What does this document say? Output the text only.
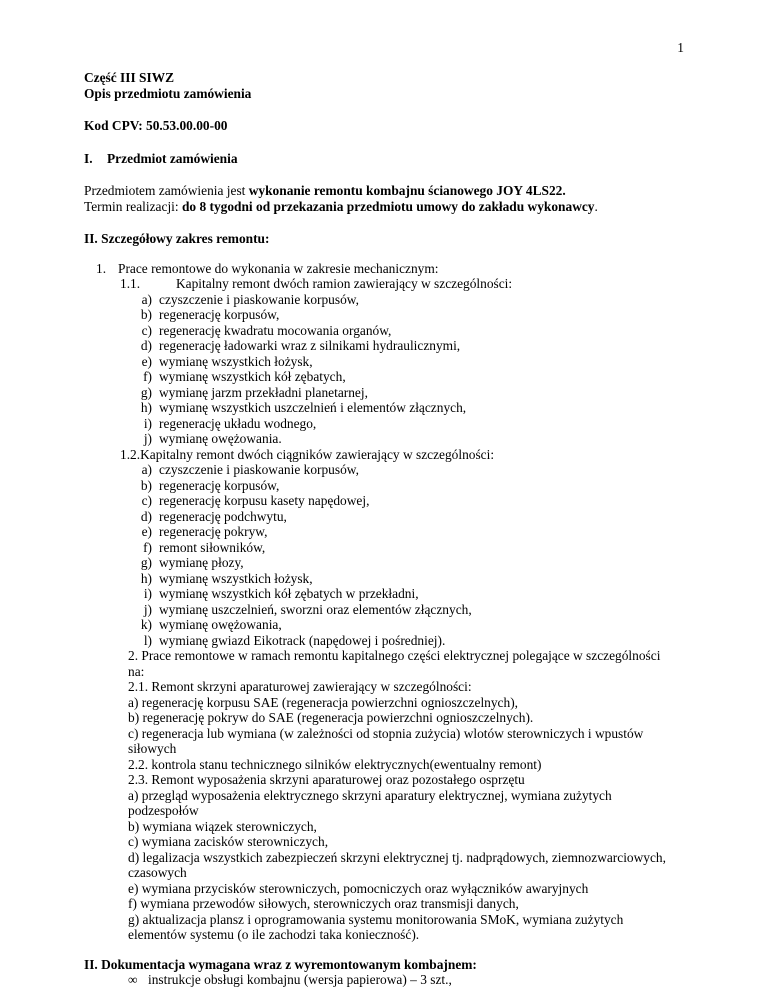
1

Część III SIWZ

Opis przedmiotu zamówienia

Kod CPV: 50.53.00.00-00

I.	Przedmiot zamówienia

Przedmiotem zamówienia jest wykonanie remontu kombajnu ścianowego JOY 4LS22.

Termin realizacji: do 8 tygodni od przekazania przedmiotu umowy do zakładu wykonawcy.

II. Szczegółowy zakres remontu:

1. Prace remontowe do wykonania w zakresie mechanicznym:
1.1.	Kapitalny remont dwóch ramion zawierający w szczególności:
a) czyszczenie i piaskowanie korpusów,
b) regenerację korpusów,
c) regenerację kwadratu mocowania organów,
d) regenerację ładowarki wraz z silnikami hydraulicznymi,
e) wymianę wszystkich łożysk,
f) wymianę wszystkich kół zębatych,
g) wymianę jarzm przekładni planetarnej,
h) wymianę wszystkich uszczelnień i elementów złącznych,
i) regenerację układu wodnego,
j) wymianę owężowania.
1.2.Kapitalny remont dwóch ciągników zawierający w szczególności:
a) czyszczenie i piaskowanie korpusów,
b) regenerację korpusów,
c) regenerację korpusu kasety napędowej,
d) regenerację podchwytu,
e) regenerację pokryw,
f) remont siłowników,
g) wymianę płozy,
h) wymianę wszystkich łożysk,
i) wymianę wszystkich kół zębatych w przekładni,
j) wymianę uszczelnień, sworzni oraz elementów złącznych,
k) wymianę owężowania,
l) wymianę gwiazd Eikotrack (napędowej i pośredniej).
2. Prace remontowe w ramach remontu kapitalnego części elektrycznej polegające w szczególności
na:
2.1. Remont skrzyni aparaturowej zawierający w szczególności:
a) regenerację korpusu SAE (regeneracja powierzchni ognioszczelnych),
b) regenerację pokryw do SAE (regeneracja powierzchni ognioszczelnych).
c) regeneracja lub wymiana (w zależności od stopnia zużycia) wlotów sterowniczych i wpustów
siłowych
2.2. kontrola stanu technicznego silników elektrycznych(ewentualny remont)
2.3. Remont wyposażenia skrzyni aparaturowej oraz pozostałego osprzętu
a) przegląd wyposażenia elektrycznego skrzyni aparatury elektrycznej, wymiana zużytych
podzespołów
b) wymiana wiązek sterowniczych,
c) wymiana zacisków sterowniczych,
d) legalizacja wszystkich zabezpieczeń skrzyni elektrycznej tj. nadprądowych, ziemnozwarciowych,
czasowych
e) wymiana przycisków sterowniczych, pomocniczych oraz wyłączników awaryjnych
f) wymiana przewodów siłowych, sterowniczych oraz transmisji danych,
g) aktualizacja plansz i oprogramowania systemu monitorowania SMoK, wymiana zużytych
elementów systemu (o ile zachodzi taka konieczność).

II. Dokumentacja wymagana wraz z wyremontowanym kombajnem:

∞ instrukcje obsługi kombajnu (wersja papierowa) – 3 szt.,
